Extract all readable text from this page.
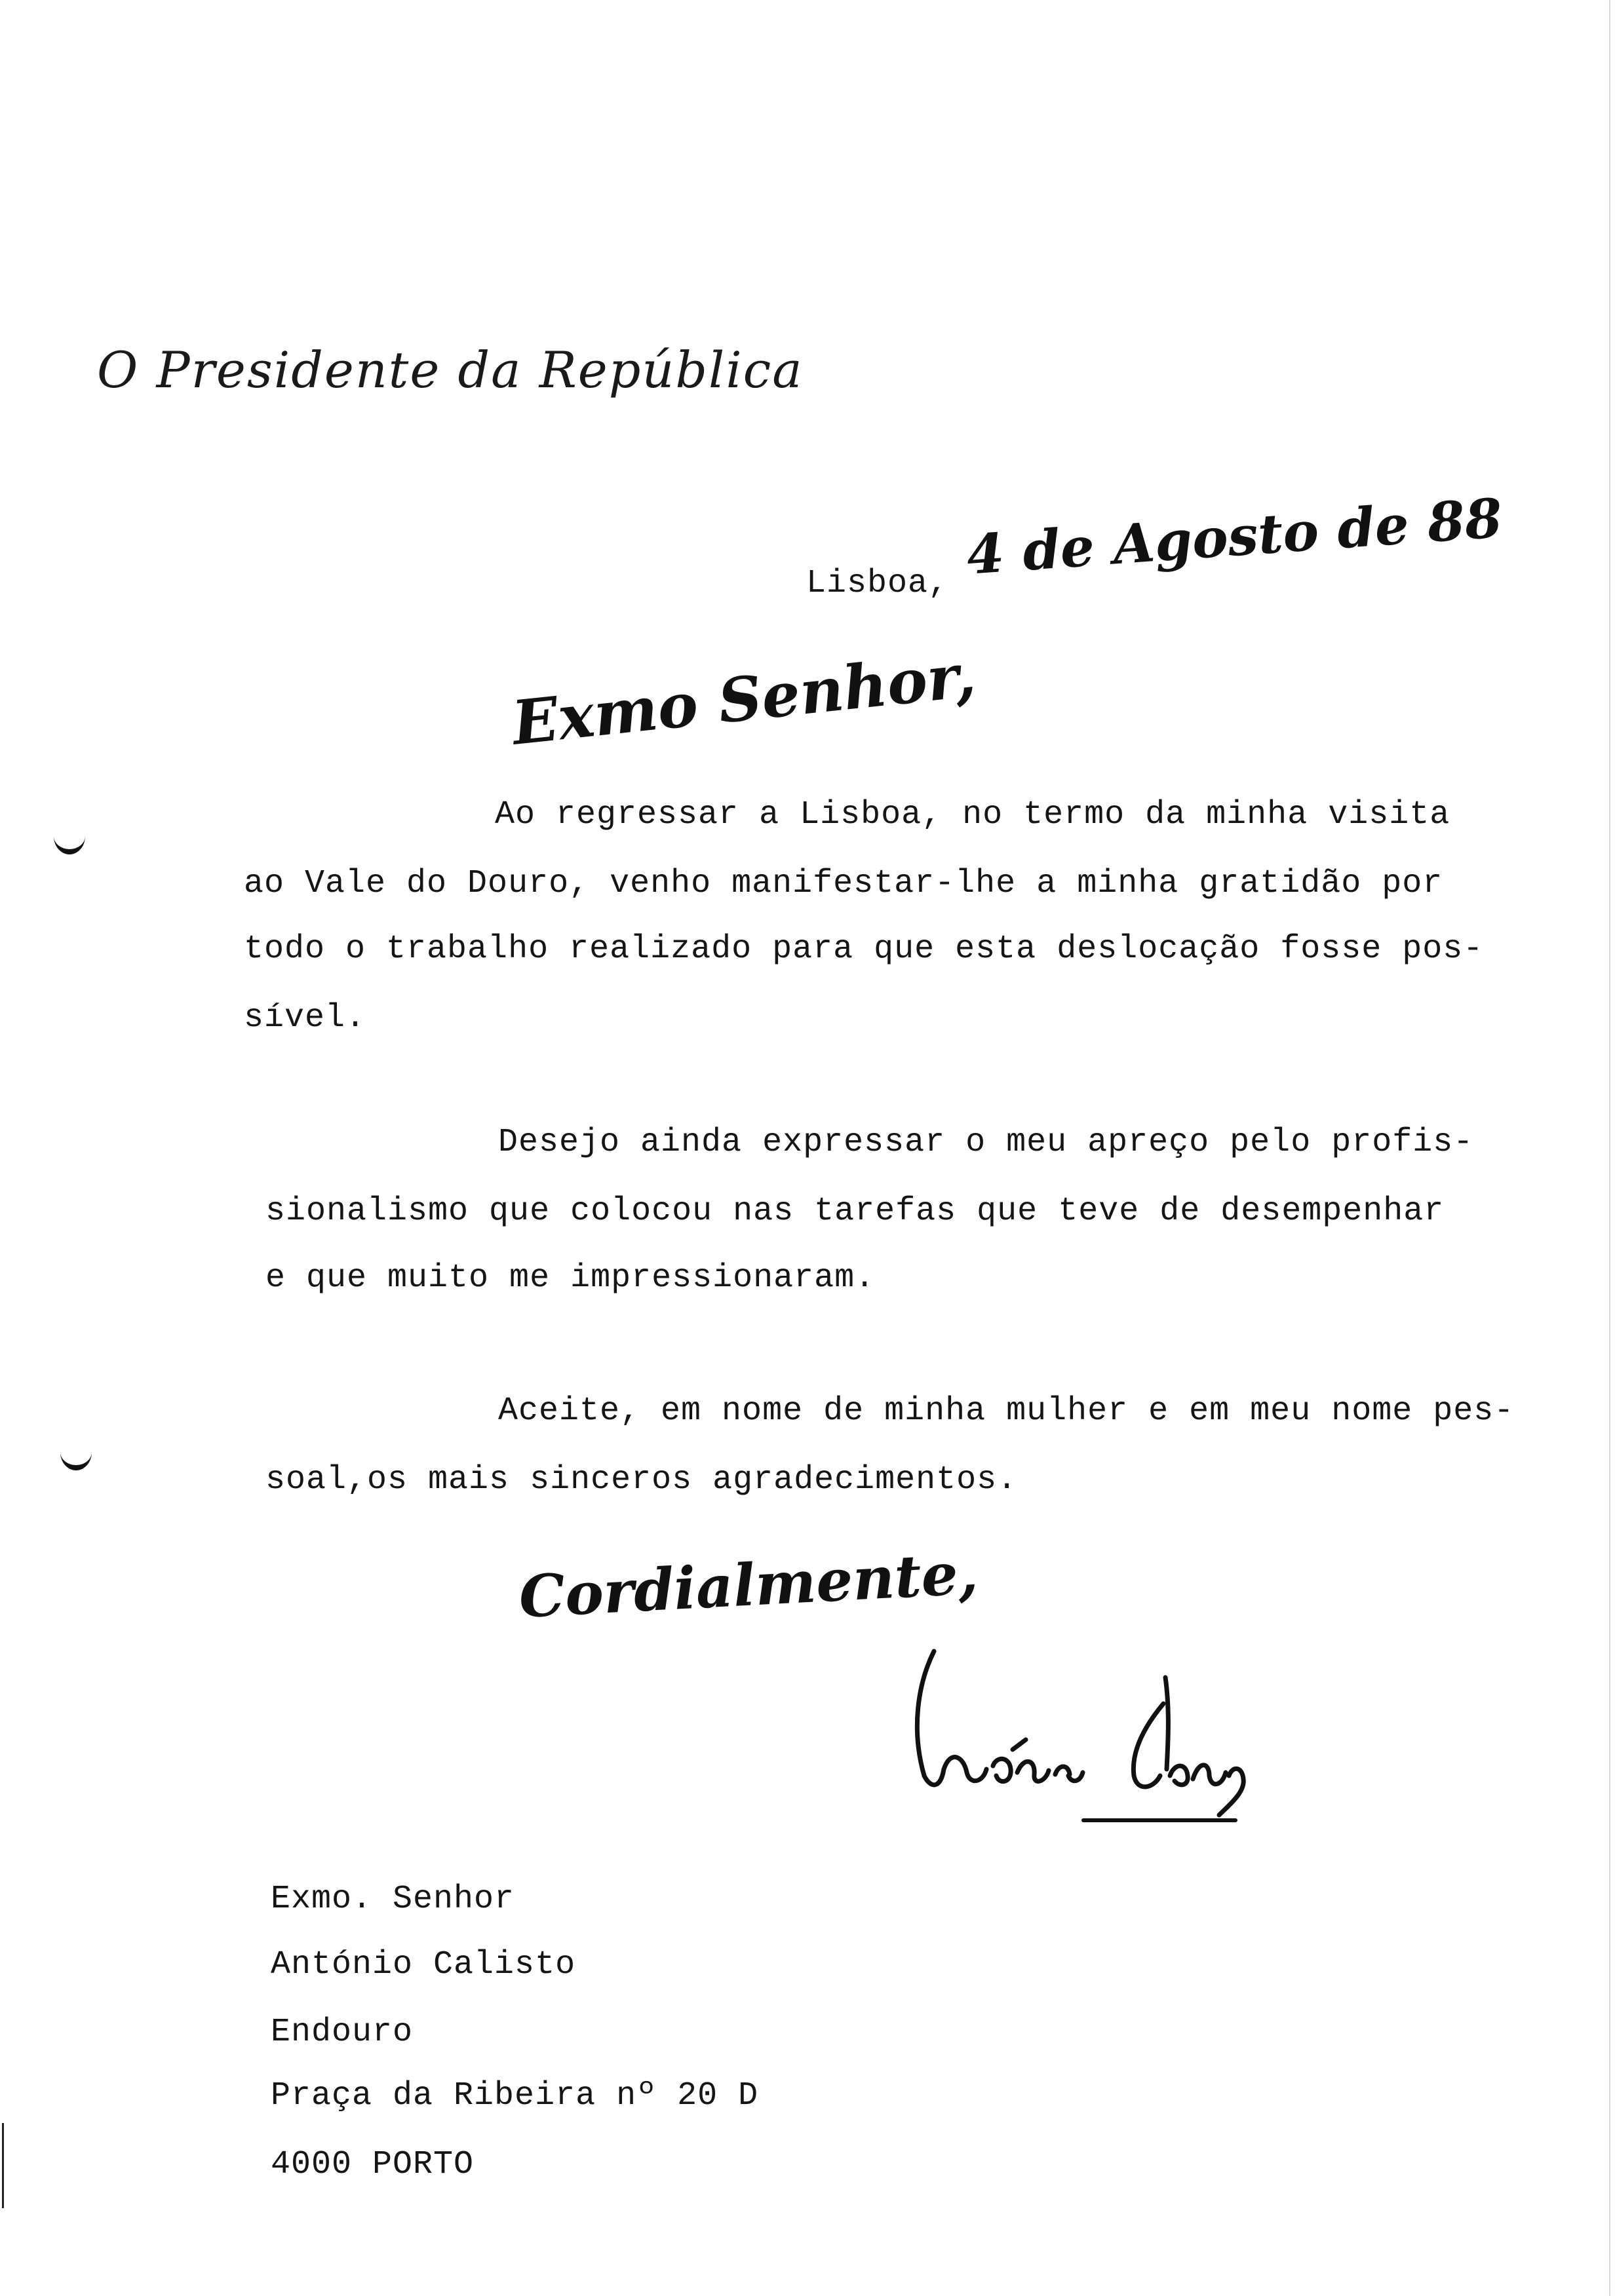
O Presidente da República
Lisboa, 4 de Agosto de 88
Exmo Senhor,
Ao regressar a Lisboa, no termo da minha visita
ao Vale do Douro, venho manifestar-lhe a minha gratidão por
todo o trabalho realizado para que esta deslocação fosse pos-
sível.
Desejo ainda expressar o meu apreço pelo profis-
sionalismo que colocou nas tarefas que teve de desempenhar
e que muito me impressionaram.
Aceite, em nome de minha mulher e em meu nome pes-
soal,os mais sinceros agradecimentos.
Cordialmente,
Exmo. Senhor
António Calisto
Endouro
Praça da Ribeira nº 20 D
4000 PORTO
